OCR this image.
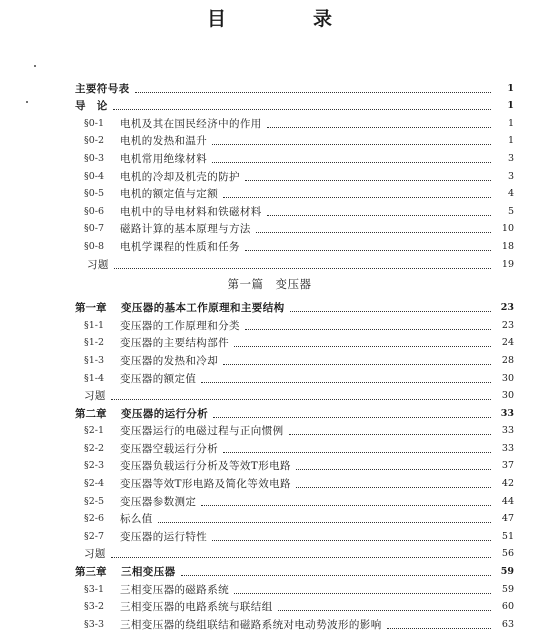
目　录
主要符号表	1
导　论	1
§0-1	电机及其在国民经济中的作用	1
§0-2	电机的发热和温升	1
§0-3	电机常用绝缘材料	3
§0-4	电机的冷却及机壳的防护	3
§0-5	电机的额定值与定额	4
§0-6	电机中的导电材料和铁磁材料	5
§0-7	磁路计算的基本原理与方法	10
§0-8	电机学课程的性质和任务	18
习题	19
第一篇　变压器
第一章	变压器的基本工作原理和主要结构	23
§1-1	变压器的工作原理和分类	23
§1-2	变压器的主要结构部件	24
§1-3	变压器的发热和冷却	28
§1-4	变压器的额定值	30
习题	30
第二章	变压器的运行分析	33
§2-1	变压器运行的电磁过程与正向惯例	33
§2-2	变压器空载运行分析	33
§2-3	变压器负载运行分析及等效T形电路	37
§2-4	变压器等效T形电路及简化等效电路	42
§2-5	变压器参数测定	44
§2-6	标么值	47
§2-7	变压器的运行特性	51
习题	56
第三章	三相变压器	59
§3-1	三相变压器的磁路系统	59
§3-2	三相变压器的电路系统与联结组	60
§3-3	三相变压器的绕组联结和磁路系统对电动势波形的影响	63
